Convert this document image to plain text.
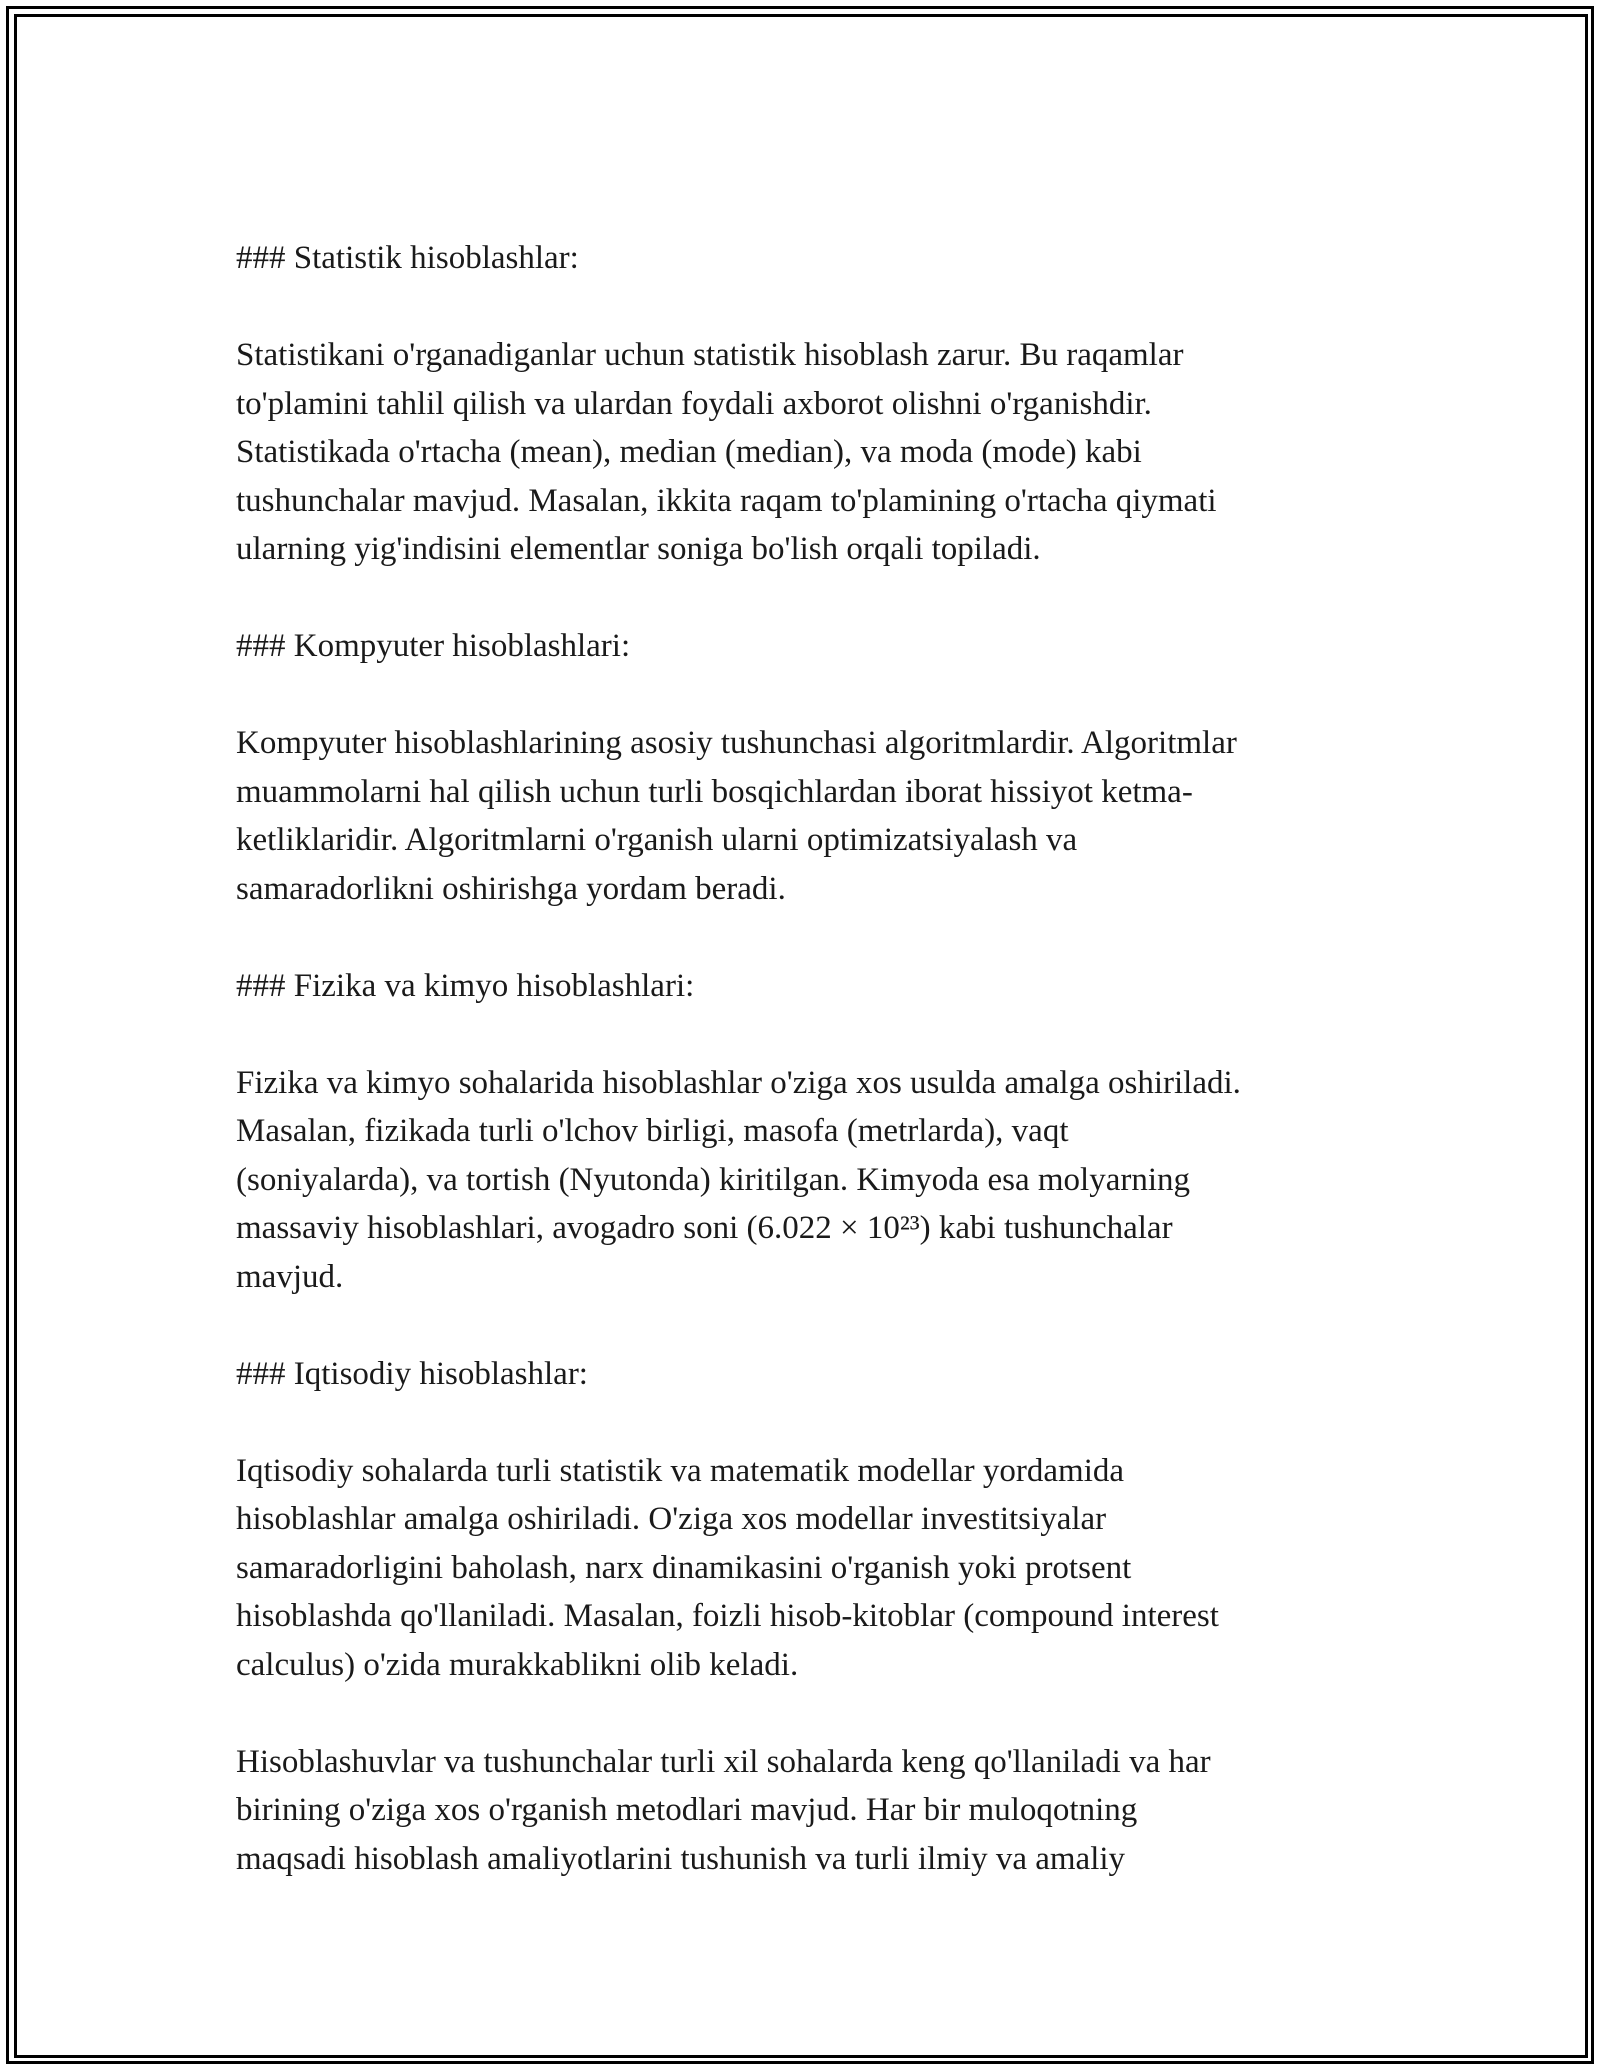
### Statistik hisoblashlar:
Statistikani o'rganadiganlar uchun statistik hisoblash zarur. Bu raqamlar
to'plamini tahlil qilish va ulardan foydali axborot olishni o'rganishdir.
Statistikada o'rtacha (mean), median (median), va moda (mode) kabi
tushunchalar mavjud. Masalan, ikkita raqam to'plamining o'rtacha qiymati
ularning yig'indisini elementlar soniga bo'lish orqali topiladi.
### Kompyuter hisoblashlari:
Kompyuter hisoblashlarining asosiy tushunchasi algoritmlardir. Algoritmlar
muammolarni hal qilish uchun turli bosqichlardan iborat hissiyot ketma-
ketliklaridir. Algoritmlarni o'rganish ularni optimizatsiyalash va
samaradorlikni oshirishga yordam beradi.
### Fizika va kimyo hisoblashlari:
Fizika va kimyo sohalarida hisoblashlar o'ziga xos usulda amalga oshiriladi.
Masalan, fizikada turli o'lchov birligi, masofa (metrlarda), vaqt
(soniyalarda), va tortish (Nyutonda) kiritilgan. Kimyoda esa molyarning
massaviy hisoblashlari, avogadro soni (6.022 × 10²³) kabi tushunchalar
mavjud.
### Iqtisodiy hisoblashlar:
Iqtisodiy sohalarda turli statistik va matematik modellar yordamida
hisoblashlar amalga oshiriladi. O'ziga xos modellar investitsiyalar
samaradorligini baholash, narx dinamikasini o'rganish yoki protsent
hisoblashda qo'llaniladi. Masalan, foizli hisob-kitoblar (compound interest
calculus) o'zida murakkablikni olib keladi.
Hisoblashuvlar va tushunchalar turli xil sohalarda keng qo'llaniladi va har
birining o'ziga xos o'rganish metodlari mavjud. Har bir muloqotning
maqsadi hisoblash amaliyotlarini tushunish va turli ilmiy va amaliy
